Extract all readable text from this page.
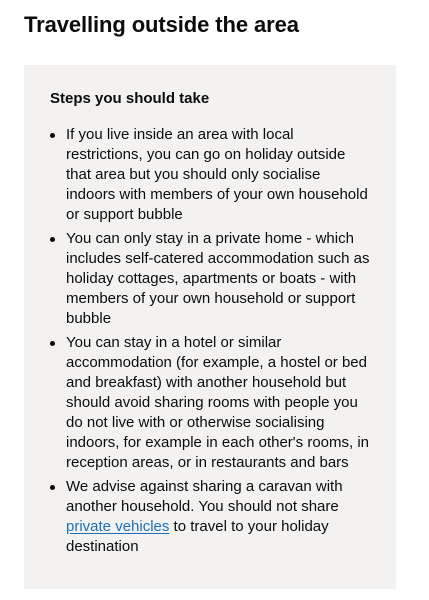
Travelling outside the area
Steps you should take
If you live inside an area with local restrictions, you can go on holiday outside that area but you should only socialise indoors with members of your own household or support bubble
You can only stay in a private home - which includes self-catered accommodation such as holiday cottages, apartments or boats - with members of your own household or support bubble
You can stay in a hotel or similar accommodation (for example, a hostel or bed and breakfast) with another household but should avoid sharing rooms with people you do not live with or otherwise socialising indoors, for example in each other's rooms, in reception areas, or in restaurants and bars
We advise against sharing a caravan with another household. You should not share private vehicles to travel to your holiday destination
